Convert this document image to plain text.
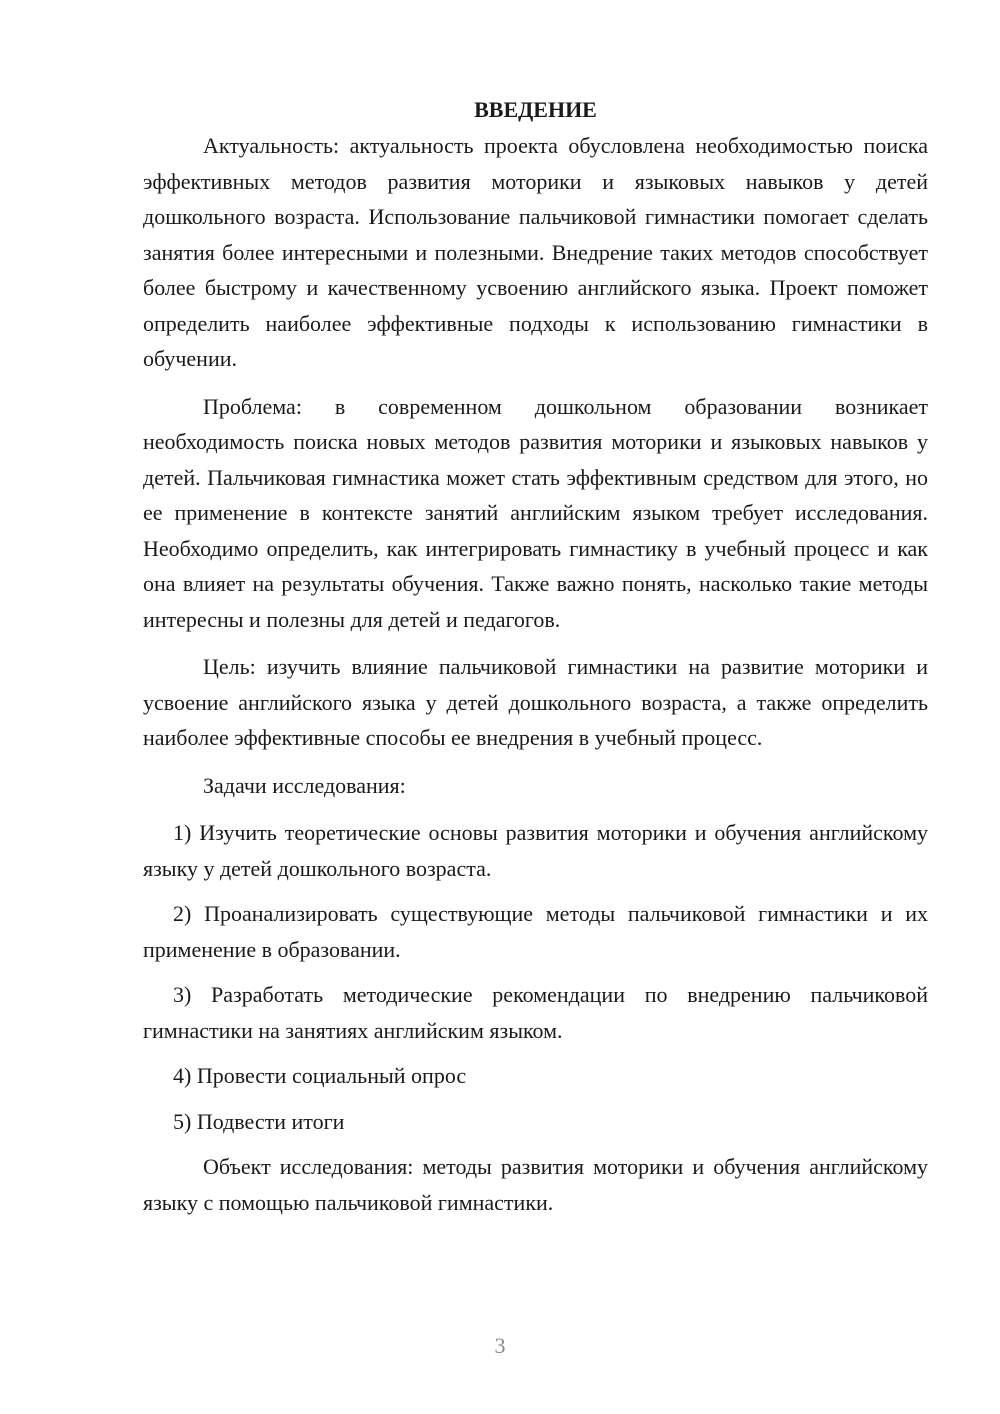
ВВЕДЕНИЕ

Актуальность: актуальность проекта обусловлена необходимостью поиска эффективных методов развития моторики и языковых навыков у детей дошкольного возраста. Использование пальчиковой гимнастики помогает сделать занятия более интересными и полезными. Внедрение таких методов способствует более быстрому и качественному усвоению английского языка. Проект поможет определить наиболее эффективные подходы к использованию гимнастики в обучении.

Проблема: в современном дошкольном образовании возникает необходимость поиска новых методов развития моторики и языковых навыков у детей. Пальчиковая гимнастика может стать эффективным средством для этого, но ее применение в контексте занятий английским языком требует исследования. Необходимо определить, как интегрировать гимнастику в учебный процесс и как она влияет на результаты обучения. Также важно понять, насколько такие методы интересны и полезны для детей и педагогов.

Цель: изучить влияние пальчиковой гимнастики на развитие моторики и усвоение английского языка у детей дошкольного возраста, а также определить наиболее эффективные способы ее внедрения в учебный процесс.

Задачи исследования:

1) Изучить теоретические основы развития моторики и обучения английскому языку у детей дошкольного возраста.

2) Проанализировать существующие методы пальчиковой гимнастики и их применение в образовании.

3) Разработать методические рекомендации по внедрению пальчиковой гимнастики на занятиях английским языком.

4) Провести социальный опрос

5) Подвести итоги

Объект исследования: методы развития моторики и обучения английскому языку с помощью пальчиковой гимнастики.

3
